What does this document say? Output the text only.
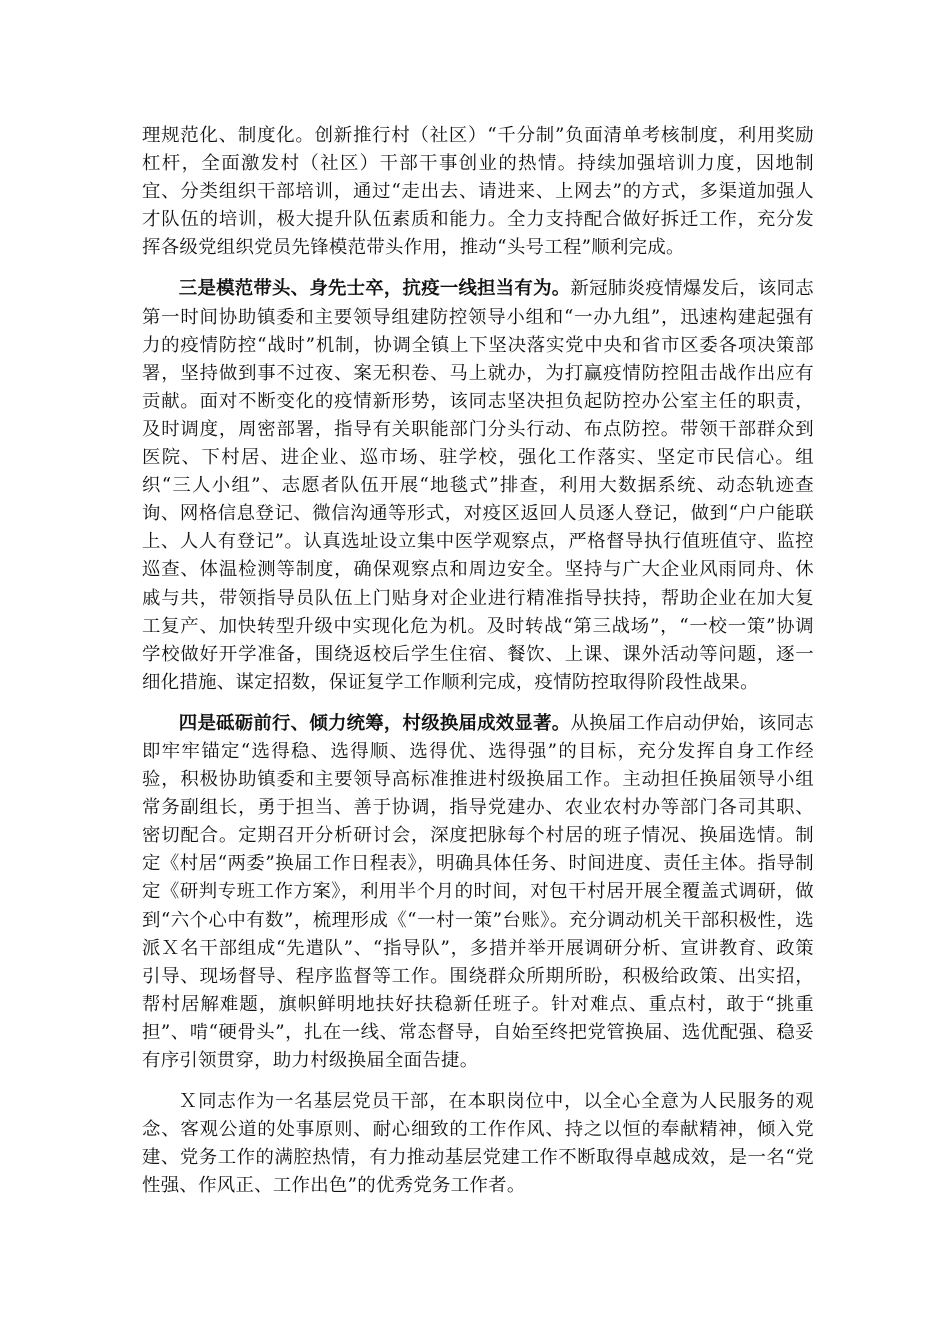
理规范化、制度化。创新推行村（社区）“千分制”负面清单考核制度，利用奖励杠杆，全面激发村（社区）干部干事创业的热情。持续加强培训力度，因地制宜、分类组织干部培训，通过“走出去、请进来、上网去”的方式，多渠道加强人才队伍的培训，极大提升队伍素质和能力。全力支持配合做好拆迁工作，充分发挥各级党组织党员先锋模范带头作用，推动“头号工程”顺利完成。

三是模范带头、身先士卒，抗疫一线担当有为。新冠肺炎疫情爆发后，该同志第一时间协助镇委和主要领导组建防控领导小组和“一办九组”，迅速构建起强有力的疫情防控“战时”机制，协调全镇上下坚决落实党中央和省市区委各项决策部署，坚持做到事不过夜、案无积卷、马上就办，为打赢疫情防控阻击战作出应有贡献。面对不断变化的疫情新形势，该同志坚决担负起防控办公室主任的职责，及时调度，周密部署，指导有关职能部门分头行动、布点防控。带领干部群众到医院、下村居、进企业、巡市场、驻学校，强化工作落实、坚定市民信心。组织“三人小组”、志愿者队伍开展“地毯式”排查，利用大数据系统、动态轨迹查询、网格信息登记、微信沟通等形式，对疫区返回人员逐人登记，做到“户户能联上、人人有登记”。认真选址设立集中医学观察点，严格督导执行值班值守、监控巡查、体温检测等制度，确保观察点和周边安全。坚持与广大企业风雨同舟、休戚与共，带领指导员队伍上门贴身对企业进行精准指导扶持，帮助企业在加大复工复产、加快转型升级中实现化危为机。及时转战“第三战场”，“一校一策”协调学校做好开学准备，围绕返校后学生住宿、餐饮、上课、课外活动等问题，逐一细化措施、谋定招数，保证复学工作顺利完成，疫情防控取得阶段性战果。

四是砥砺前行、倾力统筹，村级换届成效显著。从换届工作启动伊始，该同志即牢牢锚定“选得稳、选得顺、选得优、选得强”的目标，充分发挥自身工作经验，积极协助镇委和主要领导高标准推进村级换届工作。主动担任换届领导小组常务副组长，勇于担当、善于协调，指导党建办、农业农村办等部门各司其职、密切配合。定期召开分析研讨会，深度把脉每个村居的班子情况、换届选情。制定《村居“两委”换届工作日程表》，明确具体任务、时间进度、责任主体。指导制定《研判专班工作方案》，利用半个月的时间，对包干村居开展全覆盖式调研，做到“六个心中有数”，梳理形成《“一村一策”台账》。充分调动机关干部积极性，选派Ｘ名干部组成“先遣队”、“指导队”，多措并举开展调研分析、宣讲教育、政策引导、现场督导、程序监督等工作。围绕群众所期所盼，积极给政策、出实招，帮村居解难题，旗帜鲜明地扶好扶稳新任班子。针对难点、重点村，敢于“挑重担”、啃“硬骨头”，扎在一线、常态督导，自始至终把党管换届、选优配强、稳妥有序引领贯穿，助力村级换届全面告捷。

Ｘ同志作为一名基层党员干部，在本职岗位中，以全心全意为人民服务的观念、客观公道的处事原则、耐心细致的工作作风、持之以恒的奉献精神，倾入党建、党务工作的满腔热情，有力推动基层党建工作不断取得卓越成效，是一名“党性强、作风正、工作出色”的优秀党务工作者。
